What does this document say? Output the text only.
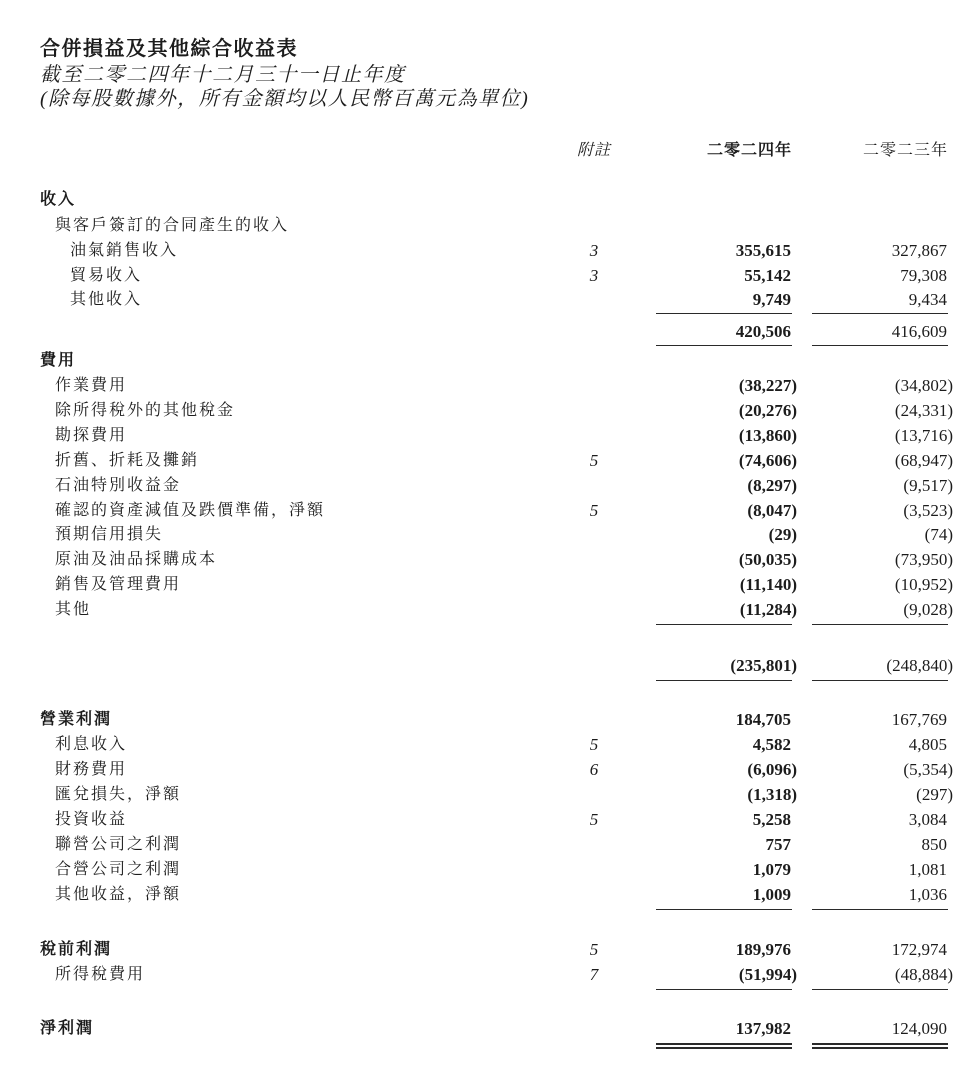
合併損益及其他綜合收益表
截至二零二四年十二月三十一日止年度
(除每股數據外，所有金額均以人民幣百萬元為單位)
附註	二零二四年	二零二三年
收入
與客戶簽訂的合同產生的收入
油氣銷售收入	3	355,615	327,867
貿易收入	3	55,142	79,308
其他收入	9,749	9,434
420,506	416,609
費用
作業費用	(38,227)	(34,802)
除所得稅外的其他稅金	(20,276)	(24,331)
勘探費用	(13,860)	(13,716)
折舊、折耗及攤銷	5	(74,606)	(68,947)
石油特別收益金	(8,297)	(9,517)
確認的資產減值及跌價準備，淨額	5	(8,047)	(3,523)
預期信用損失	(29)	(74)
原油及油品採購成本	(50,035)	(73,950)
銷售及管理費用	(11,140)	(10,952)
其他	(11,284)	(9,028)
(235,801)	(248,840)
營業利潤	184,705	167,769
利息收入	5	4,582	4,805
財務費用	6	(6,096)	(5,354)
匯兌損失，淨額	(1,318)	(297)
投資收益	5	5,258	3,084
聯營公司之利潤	757	850
合營公司之利潤	1,079	1,081
其他收益，淨額	1,009	1,036
稅前利潤	5	189,976	172,974
所得稅費用	7	(51,994)	(48,884)
淨利潤	137,982	124,090
